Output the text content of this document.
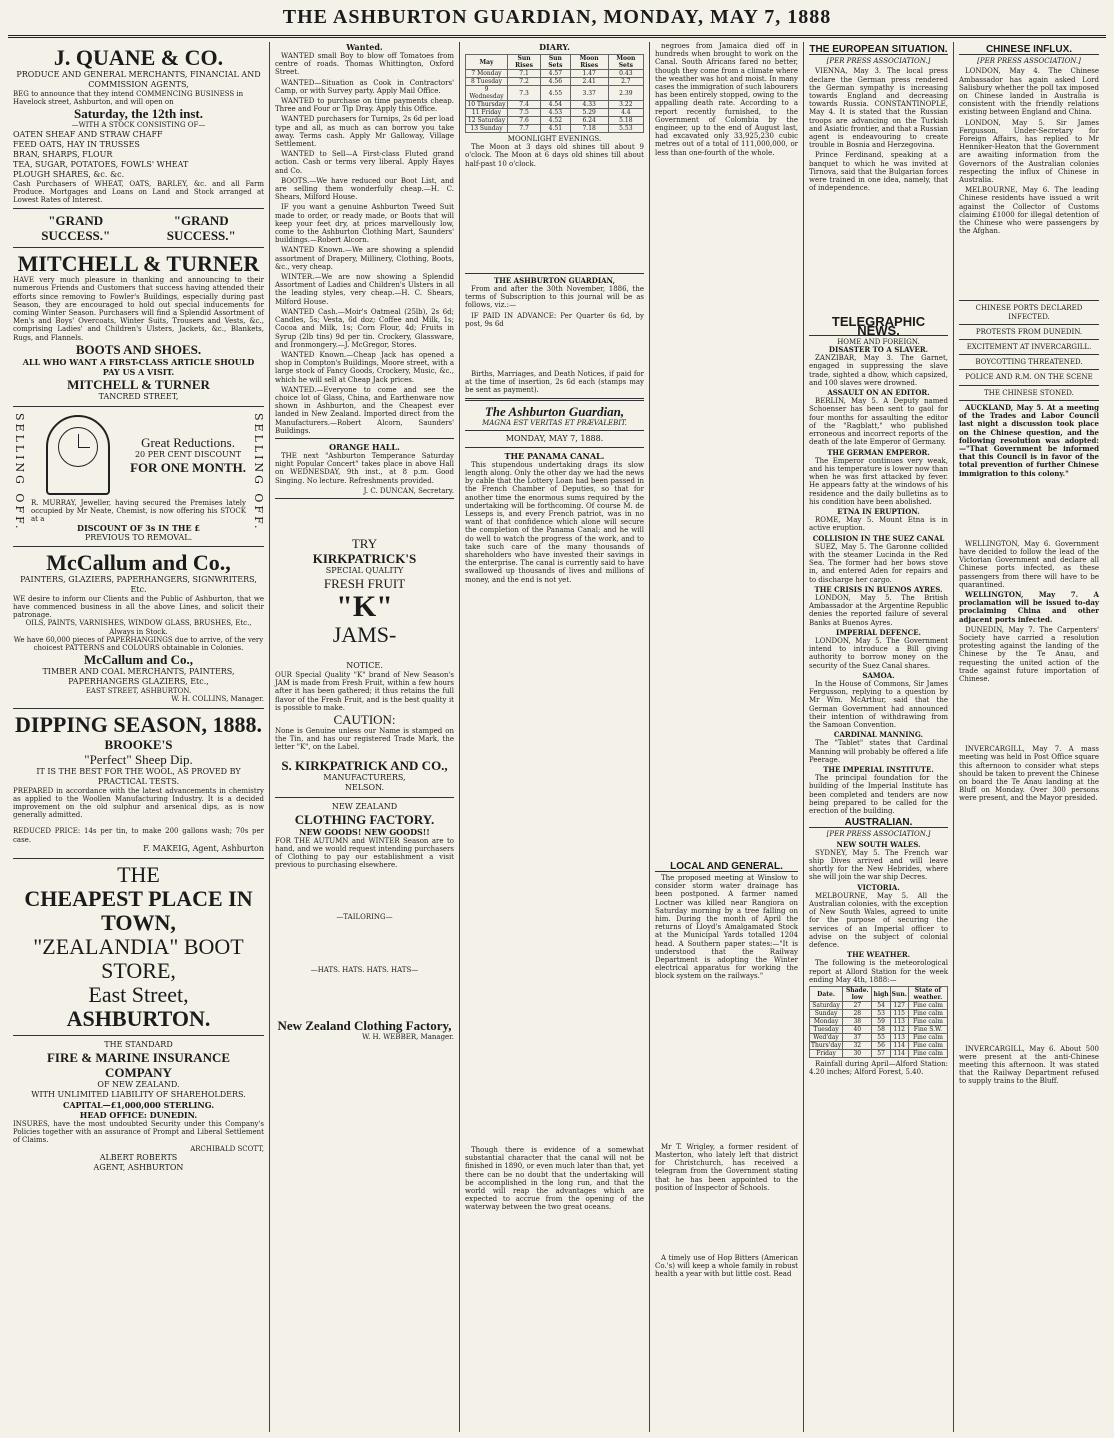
THE ASHBURTON GUARDIAN, MONDAY, MAY 7, 1888
J. QUANE & CO.
PRODUCE AND GENERAL MERCHANTS, FINANCIAL AND COMMISSION AGENTS,
BEG to announce that they intend COMMENCING BUSINESS in Havelock street, Ashburton, and will open on
Saturday, the 12th inst.
—WITH A STOCK CONSISTING OF—
OATEN SHEAF AND STRAW CHAFF
FEED OATS, HAY IN TRUSSES
BRAN, SHARPS, FLOUR
TEA, SUGAR, POTATOES, FOWLS' WHEAT
PLOUGH SHARES, &c. &c.
Cash Purchasers of WHEAT, OATS, BARLEY, &c. and all Farm Produce. Mortgages and Loans on Land and Stock arranged at Lowest Rates of Interest.
"GRAND SUCCESS."
"GRAND SUCCESS."
MITCHELL & TURNER
HAVE very much pleasure in thanking and announcing to their numerous Friends and Customers that success having attended their efforts since removing to Fowler's Buildings, especially during past Season, they are encouraged to hold out special inducements for coming Winter Season. Purchasers will find a Splendid Assortment of Men's and Boys' Overcoats, Winter Suits, Trousers and Vests, &c., comprising Ladies' and Children's Ulsters, Jackets, &c., Blankets, Rugs, and Flannels.
BOOTS AND SHOES.
ALL WHO WANT A FIRST-CLASS ARTICLE SHOULD PAY US A VISIT.
MITCHELL & TURNER
TANCRED STREET,
SELLING OFF.	SELLING OFF.
Great Reductions.
20 PER CENT DISCOUNT
FOR ONE MONTH.
R. MURRAY, Jeweller, having secured the Premises lately occupied by Mr Neate, Chemist, is now offering his STOCK at a
DISCOUNT OF 3s IN THE £
PREVIOUS TO REMOVAL.
McCallum and Co.,
PAINTERS, GLAZIERS, PAPERHANGERS, SIGNWRITERS, Etc.
WE desire to inform our Clients and the Public of Ashburton, that we have commenced business in all the above Lines, and solicit their patronage.
OILS, PAINTS, VARNISHES, WINDOW GLASS, BRUSHES, Etc., Always in Stock.
We have 60,000 pieces of PAPERHANGINGS due to arrive, of the very choicest PATTERNS and COLOURS obtainable in Colonies.
McCallum and Co.,
TIMBER AND COAL MERCHANTS, PAINTERS, PAPERHANGERS GLAZIERS, Etc.,
EAST STREET, ASHBURTON.
W. H. COLLINS, Manager.
DIPPING SEASON, 1888.
BROOKE'S
"Perfect" Sheep Dip.
IT IS THE BEST FOR THE WOOL, AS PROVED BY PRACTICAL TESTS.
PREPARED in accordance with the latest advancements in chemistry as applied to the Woollen Manufacturing Industry. It is a decided improvement on the old sulphur and arsenical dips, as is now generally admitted.

REDUCED PRICE: 14s per tin, to make 200 gallons wash; 70s per case.
F. MAKEIG, Agent, Ashburton
THE
CHEAPEST PLACE IN TOWN,
"ZEALANDIA" BOOT STORE,
East Street,
ASHBURTON.
THE STANDARD
FIRE & MARINE INSURANCE COMPANY
OF NEW ZEALAND.
WITH UNLIMITED LIABILITY OF SHAREHOLDERS.
CAPITAL—£1,000,000 STERLING.
HEAD OFFICE: DUNEDIN.
INSURES, have the most undoubted Security under this Company's Policies together with an assurance of Prompt and Liberal Settlement of Claims.
ARCHIBALD SCOTT,
ALBERT ROBERTS
AGENT, ASHBURTON
Wanted.
WANTED small Boy to blow off Tomatoes from centre of roads. Thomas Whittington, Oxford Street.
WANTED—Situation as Cook in Contractors' Camp, or with Survey party. Apply Mail Office.
WANTED to purchase on time payments cheap. Three and Four or Tip Dray. Apply this Office.
WANTED purchasers for Turnips, 2s 6d per load type and all, as much as can borrow you take away. Terms cash. Apply Mr Galloway, Village Settlement.
WANTED to Sell—A First-class Fluted grand action. Cash or terms very liberal. Apply Hayes and Co.
BOOTS.—We have reduced our Boot List, and are selling them wonderfully cheap.—H. C. Shears, Milford House.
IF you want a genuine Ashburton Tweed Suit made to order, or ready made, or Boots that will keep your feet dry, at prices marvellously low, come to the Ashburton Clothing Mart, Saunders' buildings.—Robert Alcorn.
WANTED Known.—We are showing a splendid assortment of Drapery, Millinery, Clothing, Boots, &c., very cheap.
WINTER.—We are now showing a Splendid Assortment of Ladies and Children's Ulsters in all the leading styles, very cheap.—H. C. Shears, Milford House.
WANTED Cash.—Moir's Oatmeal (25lb), 2s 6d; Candles, 5s; Vesta, 6d doz; Coffee and Milk, 1s; Cocoa and Milk, 1s; Corn Flour, 4d; Fruits in Syrup (2lb tins) 9d per tin. Crockery, Glassware, and Ironmongery.—J. McGregor, Stores.
WANTED Known.—Cheap Jack has opened a shop in Compton's Buildings, Moore street, with a large stock of Fancy Goods, Crockery, Music, &c., which he will sell at Cheap Jack prices.
WANTED.—Everyone to come and see the choice lot of Glass, China, and Earthenware now shown in Ashburton, and the Cheapest ever landed in New Zealand. Imported direct from the Manufacturers.—Robert Alcorn, Saunders' Buildings.
ORANGE HALL.
THE next "Ashburton Temperance Saturday night Popular Concert" takes place in above Hall on WEDNESDAY, 9th inst., at 8 p.m. Good Singing. No lecture. Refreshments provided.
J. C. DUNCAN, Secretary.
TRY
KIRKPATRICK'S
SPECIAL QUALITY
FRESH FRUIT
"K"
JAMS-
NOTICE.
OUR Special Quality "K" brand of New Season's JAM is made from Fresh Fruit, within a few hours after it has been gathered; it thus retains the full flavor of the Fresh Fruit, and is the best quality it is possible to make.
CAUTION:
None is Genuine unless our Name is stamped on the Tin, and has our registered Trade Mark, the letter "K", on the Label.
S. KIRKPATRICK AND CO.,
MANUFACTURERS,
NELSON.
NEW ZEALAND
CLOTHING FACTORY.
NEW GOODS! NEW GOODS!!
FOR THE AUTUMN and WINTER Season are to hand, and we would request intending purchasers of Clothing to pay our establishment a visit previous to purchasing elsewhere.
—TAILORING—
—HATS. HATS. HATS. HATS—
New Zealand Clothing Factory,
W. H. WEBBER, Manager.
DIARY.
May	Sun Rises	Sun Sets	Moon Rises	Moon Sets
7 Monday	7.1	4.57	1.47	0.43
8 Tuesday	7.2	4.56	2.41	2.7
9 Wednesday	7.3	4.55	3.37	2.39
10 Thursday	7.4	4.54	4.33	3.22
11 Friday	7.5	4.53	5.29	4.4
12 Saturday	7.6	4.52	6.24	5.18
13 Sunday	7.7	4.51	7.18	5.53
MOONLIGHT EVENINGS.
The Moon at 3 days old shines till about 9 o'clock. The Moon at 6 days old shines till about half-past 10 o'clock.
THE ASHBURTON GUARDIAN,
From and after the 30th November, 1886, the terms of Subscription to this journal will be as follows, viz.:—
IF PAID IN ADVANCE: Per Quarter 6s 6d, by post, 9s 6d
Births, Marriages, and Death Notices, if paid for at the time of insertion, 2s 6d each (stamps may be sent as payment).
The Ashburton Guardian,
MAGNA EST VERITAS ET PRÆVALEBIT.
MONDAY, MAY 7, 1888.
THE PANAMA CANAL.
This stupendous undertaking drags its slow length along. Only the other day we had the news by cable that the Lottery Loan had been passed in the French Chamber of Deputies, so that for another time the enormous sums required by the undertaking will be forthcoming. Of course M. de Lesseps is, and every French patriot, was in no want of that confidence which alone will secure the completion of the Panama Canal; and he will do well to watch the progress of the work, and to take such care of the many thousands of shareholders who have invested their savings in the enterprise. The canal is currently said to have swallowed up thousands of lives and millions of money, and the end is not yet.
Though there is evidence of a somewhat substantial character that the canal will not be finished in 1890, or even much later than that, yet there can be no doubt that the undertaking will be accomplished in the long run, and that the world will reap the advantages which are expected to accrue from the opening of the waterway between the two great oceans.
negroes from Jamaica died off in hundreds when brought to work on the Canal. South Africans fared no better, though they come from a climate where the weather was hot and moist. In many cases the immigration of such labourers has been entirely stopped, owing to the appalling death rate. According to a report recently furnished, to the Government of Colombia by the engineer, up to the end of August last, had excavated only 33,925,230 cubic metres out of a total of 111,000,000, or less than one-fourth of the whole.
LOCAL AND GENERAL.
The proposed meeting at Winslow to consider storm water drainage has been postponed. A farmer named Loctner was killed near Rangiora on Saturday morning by a tree falling on him. During the month of April the returns of Lloyd's Amalgamated Stock at the Municipal Yards totalled 1204 head. A Southern paper states:—"It is understood that the Railway Department is adopting the Winter electrical apparatus for working the block system on the railways."
Mr T. Wrigley, a former resident of Masterton, who lately left that district for Christchurch, has received a telegram from the Government stating that he has been appointed to the position of Inspector of Schools.
A timely use of Hop Bitters (American Co.'s) will keep a whole family in robust health a year with but little cost. Read
THE EUROPEAN SITUATION.
[PER PRESS ASSOCIATION.]
VIENNA, May 3. The local press declare the German press rendered the German sympathy is increasing towards England and decreasing towards Russia. CONSTANTINOPLE, May 4. It is stated that the Russian troops are advancing on the Turkish and Asiatic frontier, and that a Russian agent is endeavouring to create trouble in Bosnia and Herzegovina.
Prince Ferdinand, speaking at a banquet to which he was invited at Tirnova, said that the Bulgarian forces were trained in one idea, namely, that of independence.
TELEGRAPHIC NEWS.
HOME AND FOREIGN.
DISASTER TO A SLAVER.
ZANZIBAR, May 3. The Garnet, engaged in suppressing the slave trade, sighted a dhow, which capsized, and 100 slaves were drowned.
ASSAULT ON AN EDITOR.
BERLIN, May 5. A Deputy named Schoenser has been sent to gaol for four months for assaulting the editor of the "Ragblatt," who published erroneous and incorrect reports of the death of the late Emperor of Germany.
THE GERMAN EMPEROR.
The Emperor continues very weak, and his temperature is lower now than when he was first attacked by fever. He appears fatty at the windows of his residence and the daily bulletins as to his condition have been abolished.
ETNA IN ERUPTION.
ROME, May 5. Mount Etna is in active eruption.
COLLISION IN THE SUEZ CANAL
SUEZ, May 5. The Garonne collided with the steamer Lucinda in the Red Sea. The former had her bows stove in, and entered Aden for repairs and to discharge her cargo.
THE CRISIS IN BUENOS AYRES.
LONDON, May 5. The British Ambassador at the Argentine Republic denies the reported failure of several Banks at Buenos Ayres.
IMPERIAL DEFENCE.
LONDON, May 5. The Government intend to introduce a Bill giving authority to borrow money on the security of the Suez Canal shares.
SAMOA.
In the House of Commons, Sir James Fergusson, replying to a question by Mr Wm. McArthur, said that the German Government had announced their intention of withdrawing from the Samoan Convention.
CARDINAL MANNING.
The "Tablet" states that Cardinal Manning will probably be offered a life Peerage.
THE IMPERIAL INSTITUTE.
The principal foundation for the building of the Imperial Institute has been completed and tenders are now being prepared to be called for the erection of the building.
AUSTRALIAN.
[PER PRESS ASSOCIATION.]
NEW SOUTH WALES.
SYDNEY, May 5. The French war ship Dives arrived and will leave shortly for the New Hebrides, where she will join the war ship Decres.
VICTORIA.
MELBOURNE, May 5. All the Australian colonies, with the exception of New South Wales, agreed to unite for the purpose of securing the services of an Imperial officer to advise on the subject of colonial defence.
THE WEATHER.
The following is the meteorological report at Allord Station for the week ending May 4th, 1888:—
Date.	Shade. low	high	Sun.	State of weather.
Saturday	27	54	127	Fine calm
Sunday	28	53	115	Fine calm
Monday	38	59	113	Fine calm
Tuesday	40	58	112	Fine S.W.
Wed'day	37	55	113	Fine calm
Thurs'day	32	56	114	Fine calm
Friday	30	57	114	Fine calm
Rainfall during April—Alford Station: 4.20 inches; Alford Forest, 5.40.
CHINESE INFLUX.
[PER PRESS ASSOCIATION.]
LONDON, May 4. The Chinese Ambassador has again asked Lord Salisbury whether the poll tax imposed on Chinese landed in Australia is consistent with the friendly relations existing between England and China.
LONDON, May 5. Sir James Fergusson, Under-Secretary for Foreign Affairs, has replied to Mr Henniker-Heaton that the Government are awaiting information from the Governors of the Australian colonies respecting the influx of Chinese in Australia.
MELBOURNE, May 6. The leading Chinese residents have issued a writ against the Collector of Customs claiming £1000 for illegal detention of the Chinese who were passengers by the Afghan.
CHINESE PORTS DECLARED INFECTED.
PROTESTS FROM DUNEDIN.
EXCITEMENT AT INVERCARGILL.
BOYCOTTING THREATENED.
POLICE AND R.M. ON THE SCENE
THE CHINESE STONED.
AUCKLAND, May 5. At a meeting of the Trades and Labor Council last night a discussion took place on the Chinese question, and the following resolution was adopted:—"That Government be informed that this Council is in favor of the total prevention of further Chinese immigration to this colony."
WELLINGTON, May 6. Government have decided to follow the lead of the Victorian Government and declare all Chinese ports infected, as these passengers from there will have to be quarantined.
WELLINGTON, May 7. A proclamation will be issued to-day proclaiming China and other adjacent ports infected.
DUNEDIN, May 7. The Carpenters' Society have carried a resolution protesting against the landing of the Chinese by the Te Anau, and requesting the united action of the trade against future importation of Chinese.
INVERCARGILL, May 7. A mass meeting was held in Post Office square this afternoon to consider what steps should be taken to prevent the Chinese on board the Te Anau landing at the Bluff on Monday. Over 300 persons were present, and the Mayor presided.
INVERCARGILL, May 6. About 500 were present at the anti-Chinese meeting this afternoon. It was stated that the Railway Department refused to supply trains to the Bluff.
